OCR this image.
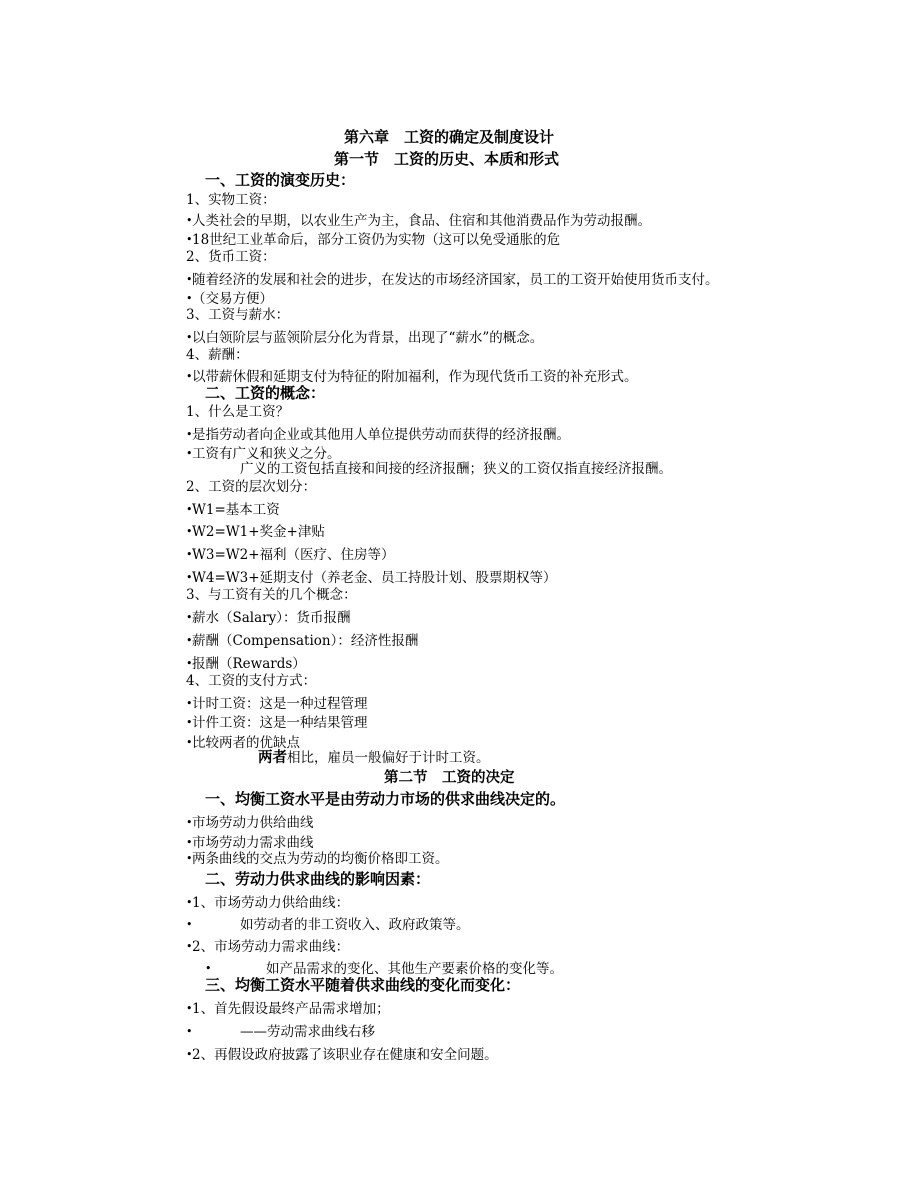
第六章　工资的确定及制度设计
第一节　工资的历史、本质和形式
一、工资的演变历史：
1、实物工资：
• 人类社会的早期，以农业生产为主，食品、住宿和其他消费品作为劳动报酬。
• 18世纪工业革命后，部分工资仍为实物（这可以免受通胀的危
2、货币工资：
• 随着经济的发展和社会的进步，在发达的市场经济国家，员工的工资开始使用货币支付。
• （交易方便）
3、工资与薪水：
• 以白领阶层与蓝领阶层分化为背景，出现了“薪水”的概念。
4、薪酬：
• 以带薪休假和延期支付为特征的附加福利，作为现代货币工资的补充形式。
二、工资的概念：
1、什么是工资？
• 是指劳动者向企业或其他用人单位提供劳动而获得的经济报酬。
• 工资有广义和狭义之分。
广义的工资包括直接和间接的经济报酬；狭义的工资仅指直接经济报酬。
2、工资的层次划分：
• W1=基本工资
• W2=W1+奖金+津贴
• W3=W2+福利（医疗、住房等）
• W4=W3+延期支付（养老金、员工持股计划、股票期权等）
3、与工资有关的几个概念：
• 薪水（Salary）：货币报酬
• 薪酬（Compensation）：经济性报酬
• 报酬（Rewards）
4、工资的支付方式：
• 计时工资：这是一种过程管理
• 计件工资：这是一种结果管理
• 比较两者的优缺点
两者相比，雇员一般偏好于计时工资。
第二节　工资的决定
一、均衡工资水平是由劳动力市场的供求曲线决定的。
• 市场劳动力供给曲线
• 市场劳动力需求曲线
• 两条曲线的交点为劳动的均衡价格即工资。
二、劳动力供求曲线的影响因素：
• 1、市场劳动力供给曲线：
•	如劳动者的非工资收入、政府政策等。
• 2、市场劳动力需求曲线：
•	如产品需求的变化、其他生产要素价格的变化等。
三、均衡工资水平随着供求曲线的变化而变化：
• 1、首先假设最终产品需求增加；
•	——劳动需求曲线右移
• 2、再假设政府披露了该职业存在健康和安全问题。
